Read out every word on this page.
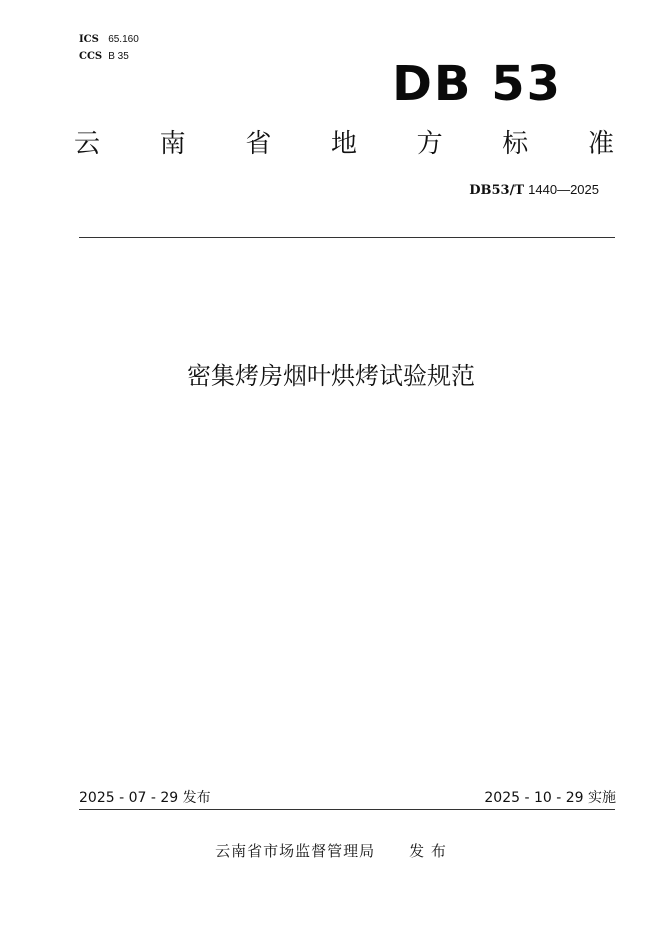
ICS 65.160
CCS B 35	DB 53
云 南 省 地 方 标 准
DB53/T 1440—2025
密集烤房烟叶烘烤试验规范
2025 - 07 - 29 发布	2025 - 10 - 29 实施
云南省市场监督管理局 发 布
